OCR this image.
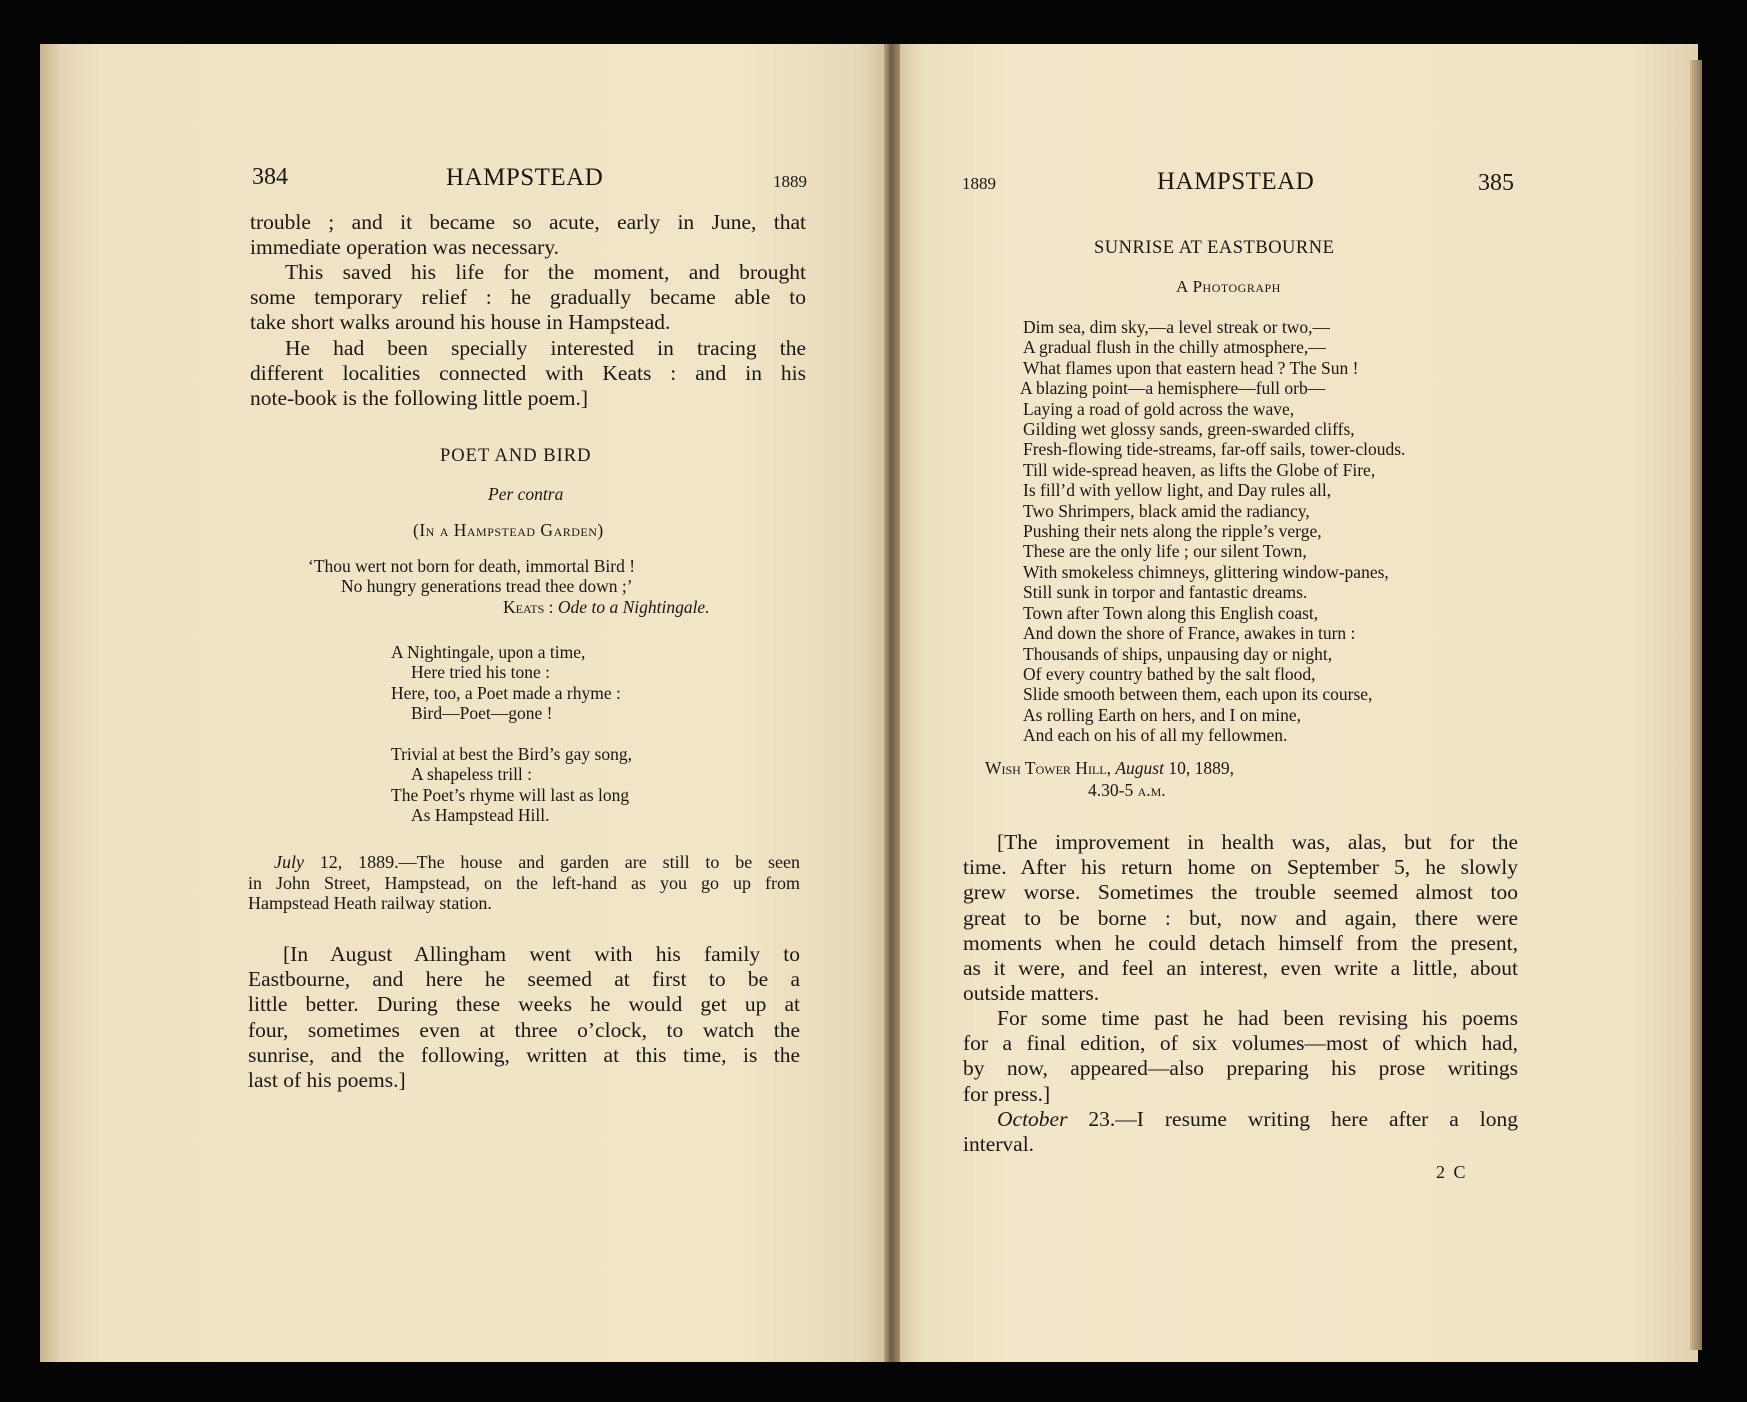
384	HAMPSTEAD	1889
trouble ; and it became so acute, early in June, that
immediate operation was necessary.
This saved his life for the moment, and brought
some temporary relief : he gradually became able to
take short walks around his house in Hampstead.
He had been specially interested in tracing the
different localities connected with Keats : and in his
note-book is the following little poem.]
POET AND BIRD
Per contra
(In a Hampstead Garden)
‘Thou wert not born for death, immortal Bird !
No hungry generations tread thee down ;’
Keats : Ode to a Nightingale.
A Nightingale, upon a time,
Here tried his tone :
Here, too, a Poet made a rhyme :
Bird—Poet—gone !
Trivial at best the Bird’s gay song,
A shapeless trill :
The Poet’s rhyme will last as long
As Hampstead Hill.
July 12, 1889.—The house and garden are still to be seen
in John Street, Hampstead, on the left-hand as you go up from
Hampstead Heath railway station.
[In August Allingham went with his family to
Eastbourne, and here he seemed at first to be a
little better. During these weeks he would get up at
four, sometimes even at three o’clock, to watch the
sunrise, and the following, written at this time, is the
last of his poems.]
1889	HAMPSTEAD	385
SUNRISE AT EASTBOURNE
A Photograph
Dim sea, dim sky,—a level streak or two,—
A gradual flush in the chilly atmosphere,—
What flames upon that eastern head ? The Sun !
A blazing point—a hemisphere—full orb—
Laying a road of gold across the wave,
Gilding wet glossy sands, green-swarded cliffs,
Fresh-flowing tide-streams, far-off sails, tower-clouds.
Till wide-spread heaven, as lifts the Globe of Fire,
Is fill’d with yellow light, and Day rules all,
Two Shrimpers, black amid the radiancy,
Pushing their nets along the ripple’s verge,
These are the only life ; our silent Town,
With smokeless chimneys, glittering window-panes,
Still sunk in torpor and fantastic dreams.
Town after Town along this English coast,
And down the shore of France, awakes in turn :
Thousands of ships, unpausing day or night,
Of every country bathed by the salt flood,
Slide smooth between them, each upon its course,
As rolling Earth on hers, and I on mine,
And each on his of all my fellowmen.
Wish Tower Hill, August 10, 1889,
4.30-5 a.m.
[The improvement in health was, alas, but for the
time. After his return home on September 5, he slowly
grew worse. Sometimes the trouble seemed almost too
great to be borne : but, now and again, there were
moments when he could detach himself from the present,
as it were, and feel an interest, even write a little, about
outside matters.
For some time past he had been revising his poems
for a final edition, of six volumes—most of which had,
by now, appeared—also preparing his prose writings
for press.]
October 23.—I resume writing here after a long
interval.
2 C
